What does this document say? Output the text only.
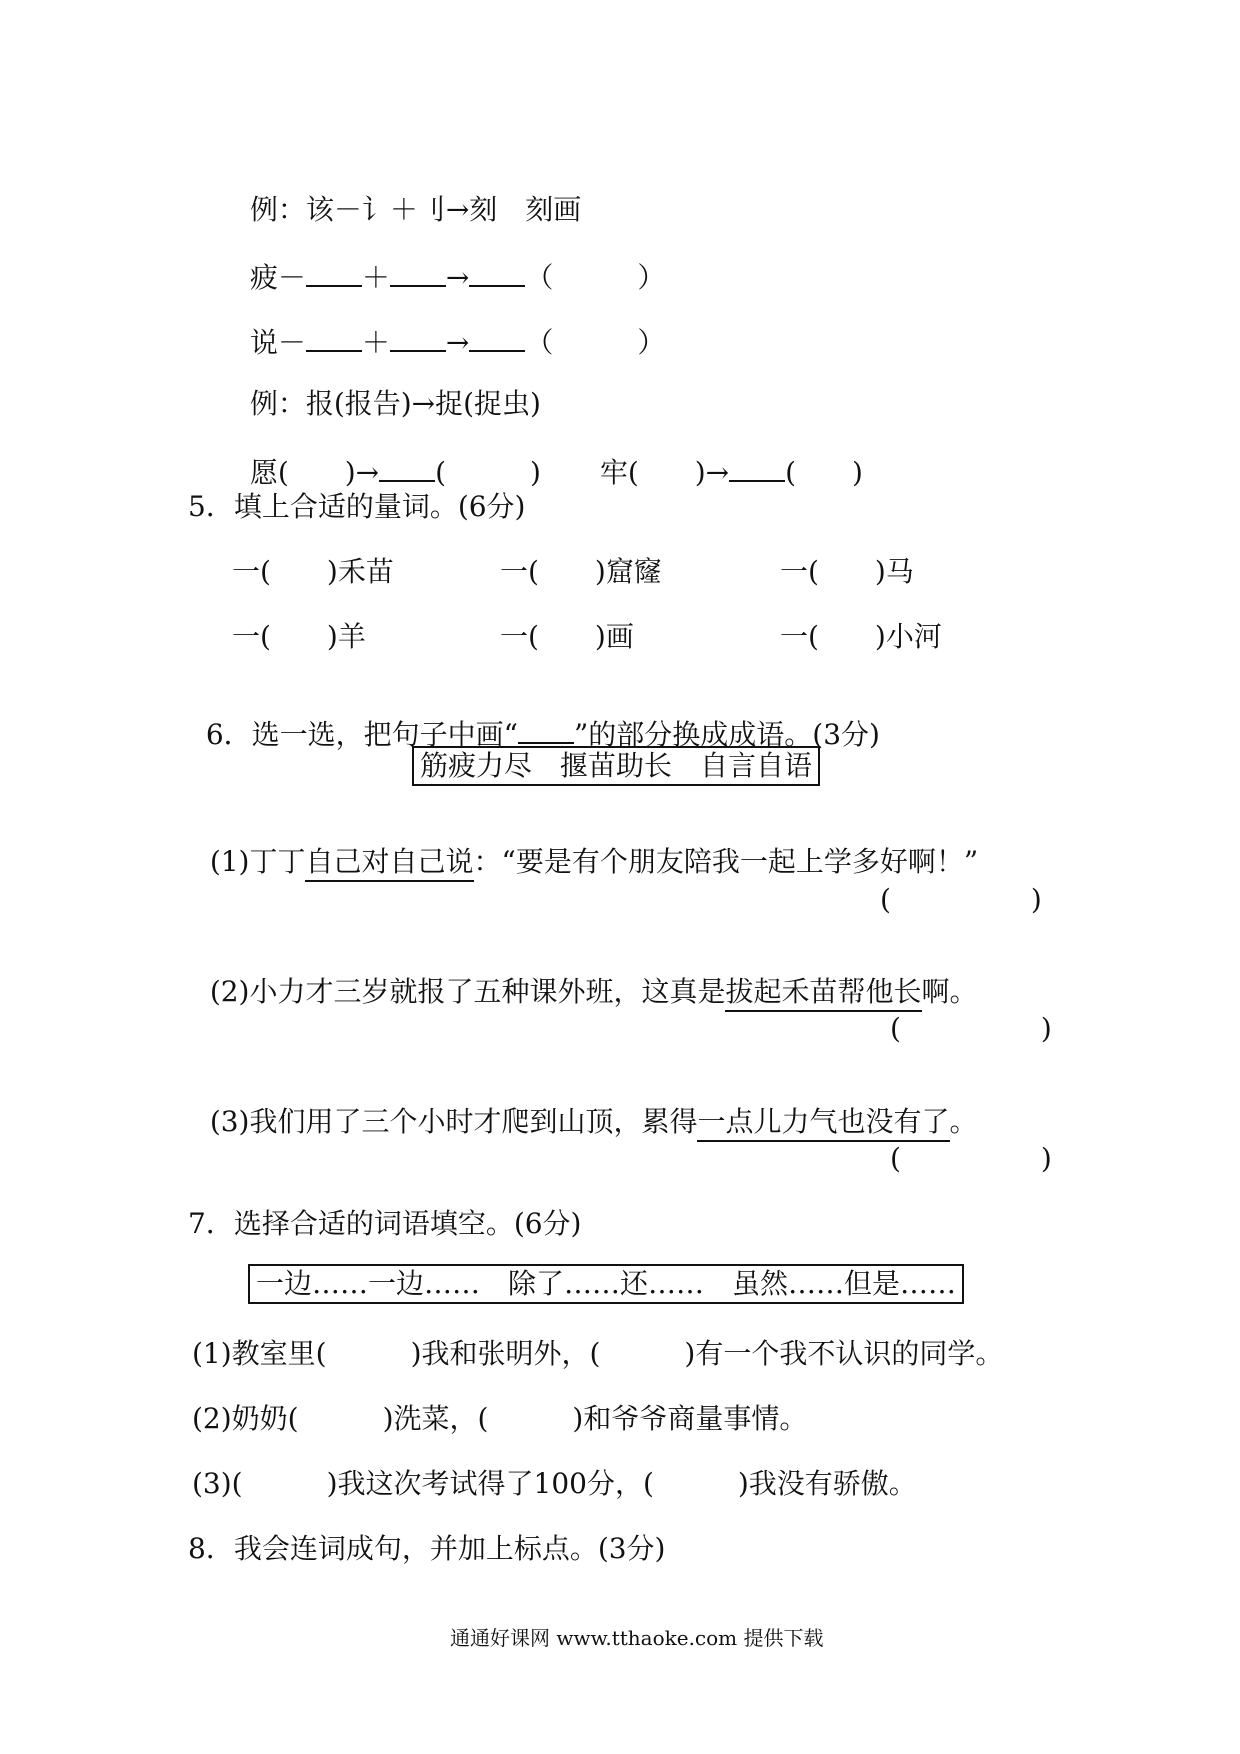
例：该－讠＋刂→刻　刻画

疲－ ＋ → （　　　）

说－ ＋ → （　　　）

例：报(报告)→捉(捉虫)

愿(　　)→ (　　　)	牢(　　)→ (　　)

5．填上合适的量词。(6分)
一(　　)禾苗	一(　　)窟窿	一(　　)马
一(　　)羊	一(　　)画	一(　　)小河

6．选一选，把句子中画“ ”的部分换成成语。(3分)

筋疲力尽　揠苗助长　自言自语

(1)丁丁自己对自己说：“要是有个朋友陪我一起上学多好啊！”

(　　　　　)

(2)小力才三岁就报了五种课外班，这真是拔起禾苗帮他长啊。

(　　　　　)

(3)我们用了三个小时才爬到山顶，累得一点儿力气也没有了。

(　　　　　)
7．选择合适的词语填空。(6分)
一边……一边……　除了……还……　虽然……但是……
(1)教室里(　　　)我和张明外，(　　　)有一个我不认识的同学。
(2)奶奶(　　　)洗菜，(　　　)和爷爷商量事情。
(3)(　　　)我这次考试得了100分，(　　　)我没有骄傲。
8．我会连词成句，并加上标点。(3分)
通通好课网 www.tthaoke.com 提供下载
